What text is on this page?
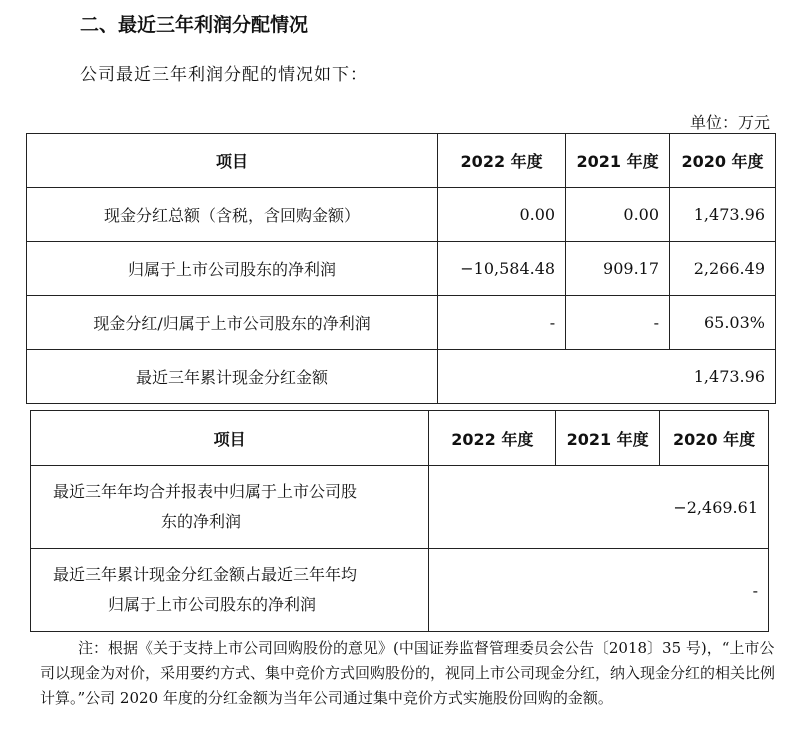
二、最近三年利润分配情况
公司最近三年利润分配的情况如下：
单位：万元
项目	2022 年度	2021 年度	2020 年度
现金分红总额（含税，含回购金额）	0.00	0.00	1,473.96
归属于上市公司股东的净利润	−10,584.48	909.17	2,266.49
现金分红/归属于上市公司股东的净利润	-	-	65.03%
最近三年累计现金分红金额	1,473.96		
项目	2022 年度	2021 年度	2020 年度

最近三年年均合并报表中归属于上市公司股
东的净利润	−2,469.61		

最近三年累计现金分红金额占最近三年年均
归属于上市公司股东的净利润	-		

注：根据《关于支持上市公司回购股份的意见》(中国证券监督管理委员会公告〔2018〕35 号)，“上市公司以现金为对价，采用要约方式、集中竞价方式回购股份的，视同上市公司现金分红，纳入现金分红的相关比例计算。”公司 2020 年度的分红金额为当年公司通过集中竞价方式实施股份回购的金额。
